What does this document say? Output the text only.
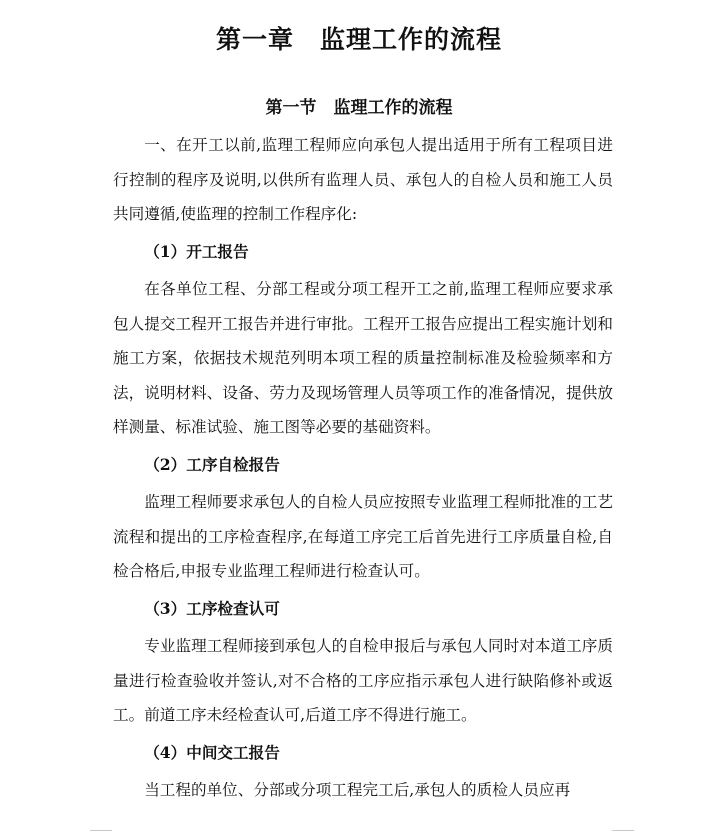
第一章　监理工作的流程
第一节　监理工作的流程

一、在开工以前,监理工程师应向承包人提出适用于所有工程项目进行控制的程序及说明,以供所有监理人员、承包人的自检人员和施工人员共同遵循,使监理的控制工作程序化:

（1）开工报告

在各单位工程、分部工程或分项工程开工之前,监理工程师应要求承包人提交工程开工报告并进行审批。工程开工报告应提出工程实施计划和施工方案，依据技术规范列明本项工程的质量控制标准及检验频率和方法，说明材料、设备、劳力及现场管理人员等项工作的准备情况，提供放样测量、标准试验、施工图等必要的基础资料。

（2）工序自检报告

监理工程师要求承包人的自检人员应按照专业监理工程师批准的工艺流程和提出的工序检查程序,在每道工序完工后首先进行工序质量自检,自检合格后,申报专业监理工程师进行检查认可。

（3）工序检查认可

专业监理工程师接到承包人的自检申报后与承包人同时对本道工序质量进行检查验收并签认,对不合格的工序应指示承包人进行缺陷修补或返工。前道工序未经检查认可,后道工序不得进行施工。

（4）中间交工报告

当工程的单位、分部或分项工程完工后,承包人的质检人员应再
